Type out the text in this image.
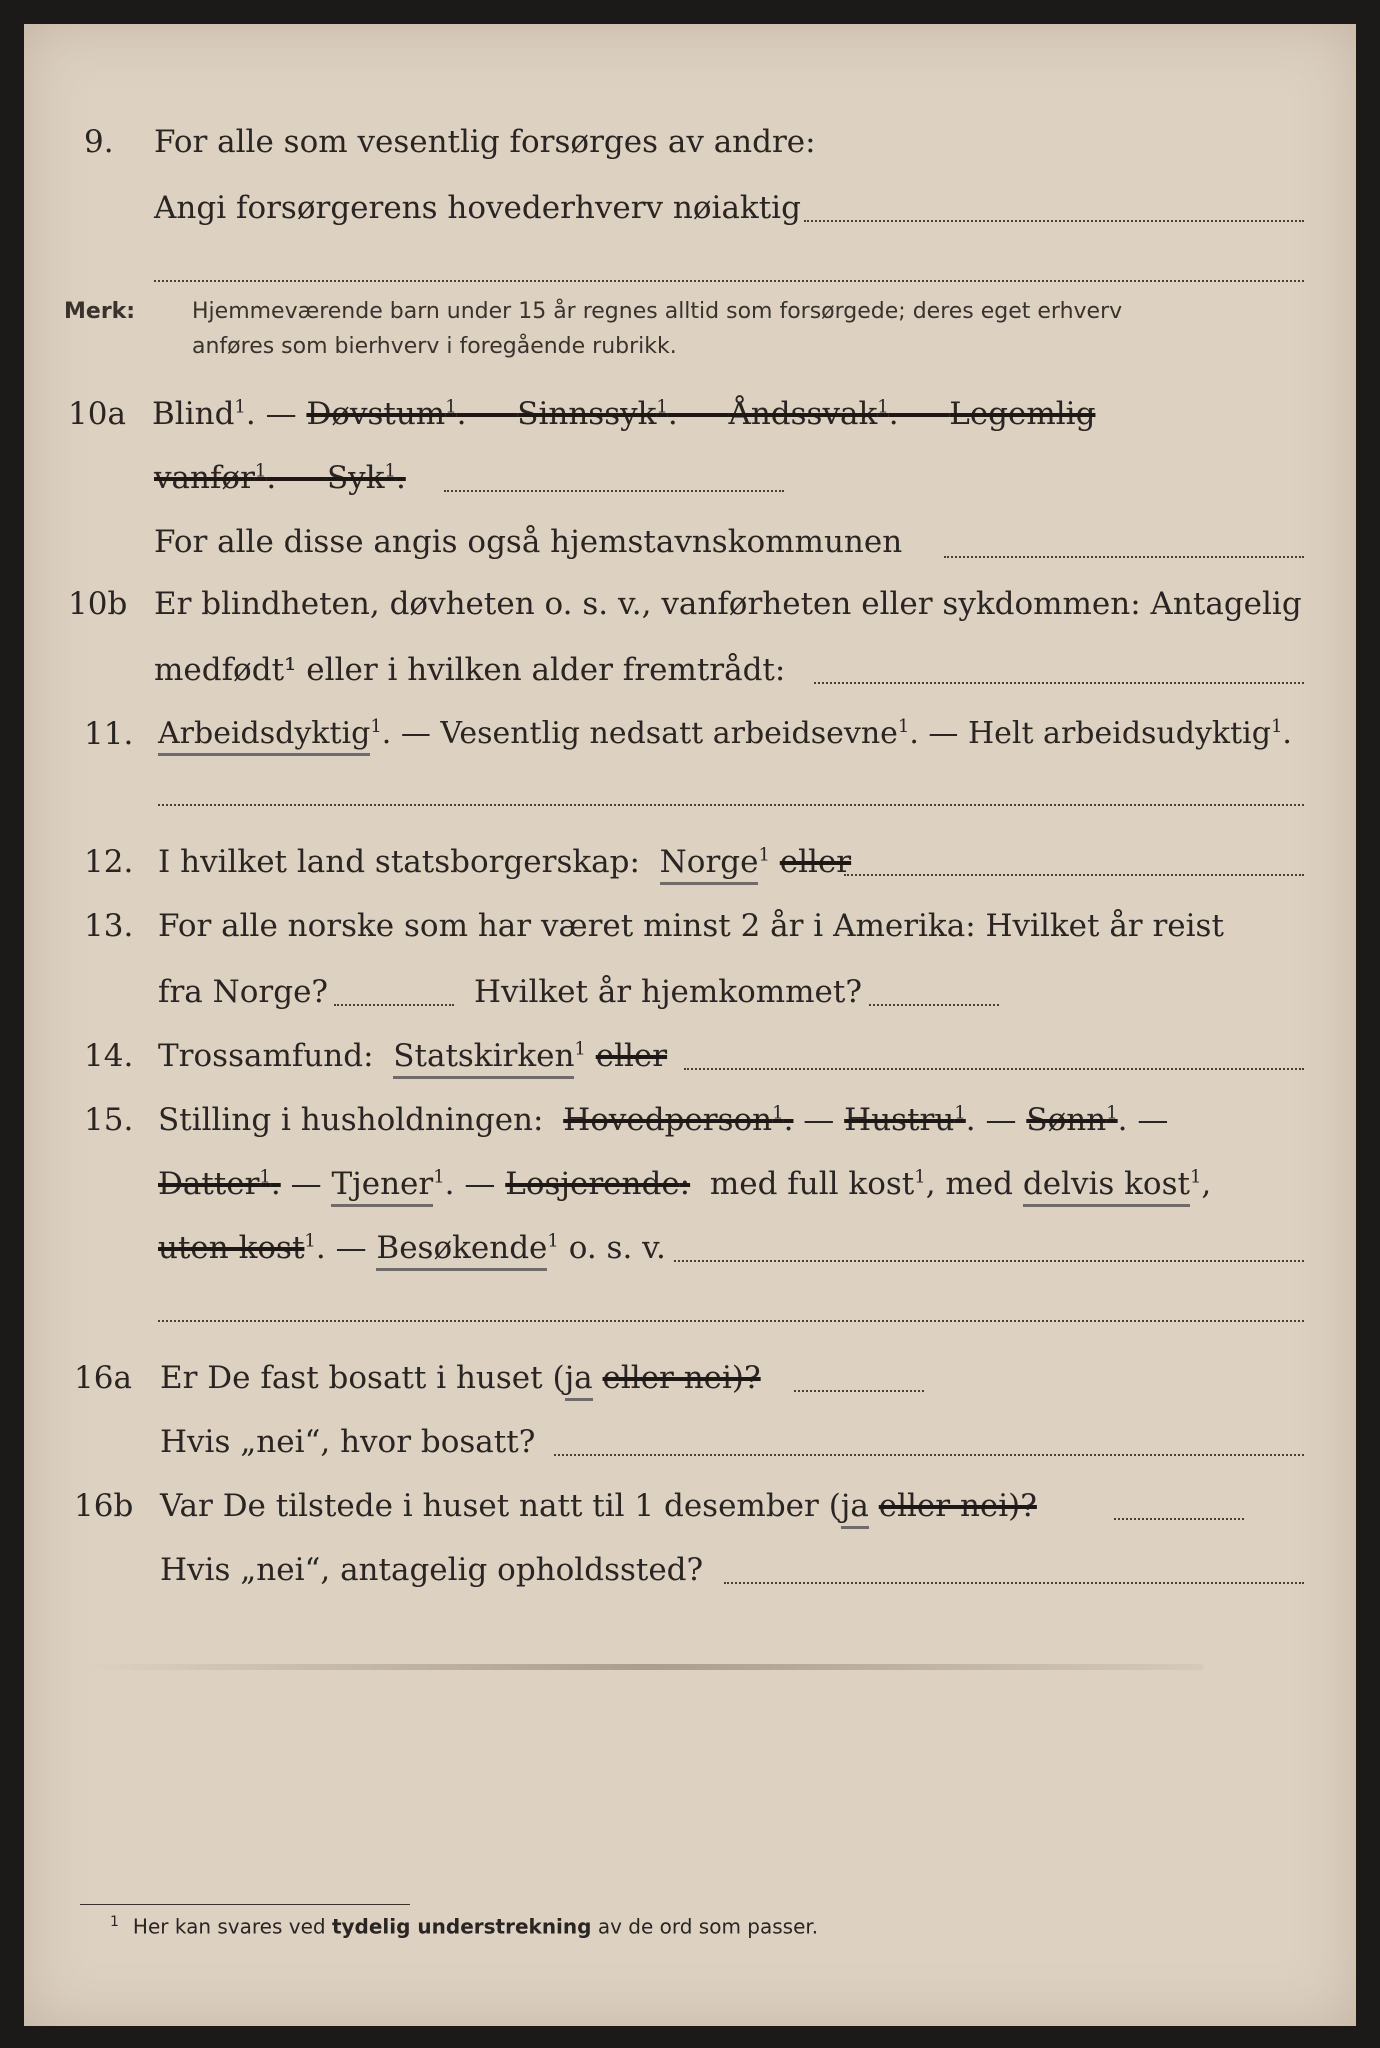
9. For alle som vesentlig forsørges av andre:
Angi forsørgerens hovederhverv nøiaktig
Merk:	Hjemmeværende barn under 15 år regnes alltid som forsørgede; deres eget erhverv
anføres som bierhverv i foregående rubrikk.
10a Blind$^1$. — Døvstum$^1$. — Sinnssyk$^1$. — Åndssvak$^1$. — Legemlig
vanfør$^1$. — Syk$^1$.
For alle disse angis også hjemstavnskommunen
10b Er blindheten, døvheten o. s. v., vanførheten eller sykdommen: Antagelig
medfødt¹ eller i hvilken alder fremtrådt:
11. Arbeidsdyktig$^1$. — Vesentlig nedsatt arbeidsevne$^1$. — Helt arbeidsudyktig$^1$.
12. I hvilket land statsborgerskap: Norge$^1$ eller
13. For alle norske som har været minst 2 år i Amerika: Hvilket år reist
fra Norge?	Hvilket år hjemkommet?
14. Trossamfund: Statskirken$^1$ eller
15. Stilling i husholdningen: Hovedperson$^1$. — Hustru$^1$. — Sønn$^1$. —
Datter$^1$. — Tjener$^1$. — Losjerende: med full kost$^1$, med delvis kost$^1$,
uten kost$^1$. — Besøkende$^1$ o. s. v.
16a Er De fast bosatt i huset (ja eller nei)?
Hvis „nei“, hvor bosatt?
16b Var De tilstede i huset natt til 1 desember (ja eller nei)?
Hvis „nei“, antagelig opholdssted?
$^1$ Her kan svares ved tydelig understrekning av de ord som passer.
